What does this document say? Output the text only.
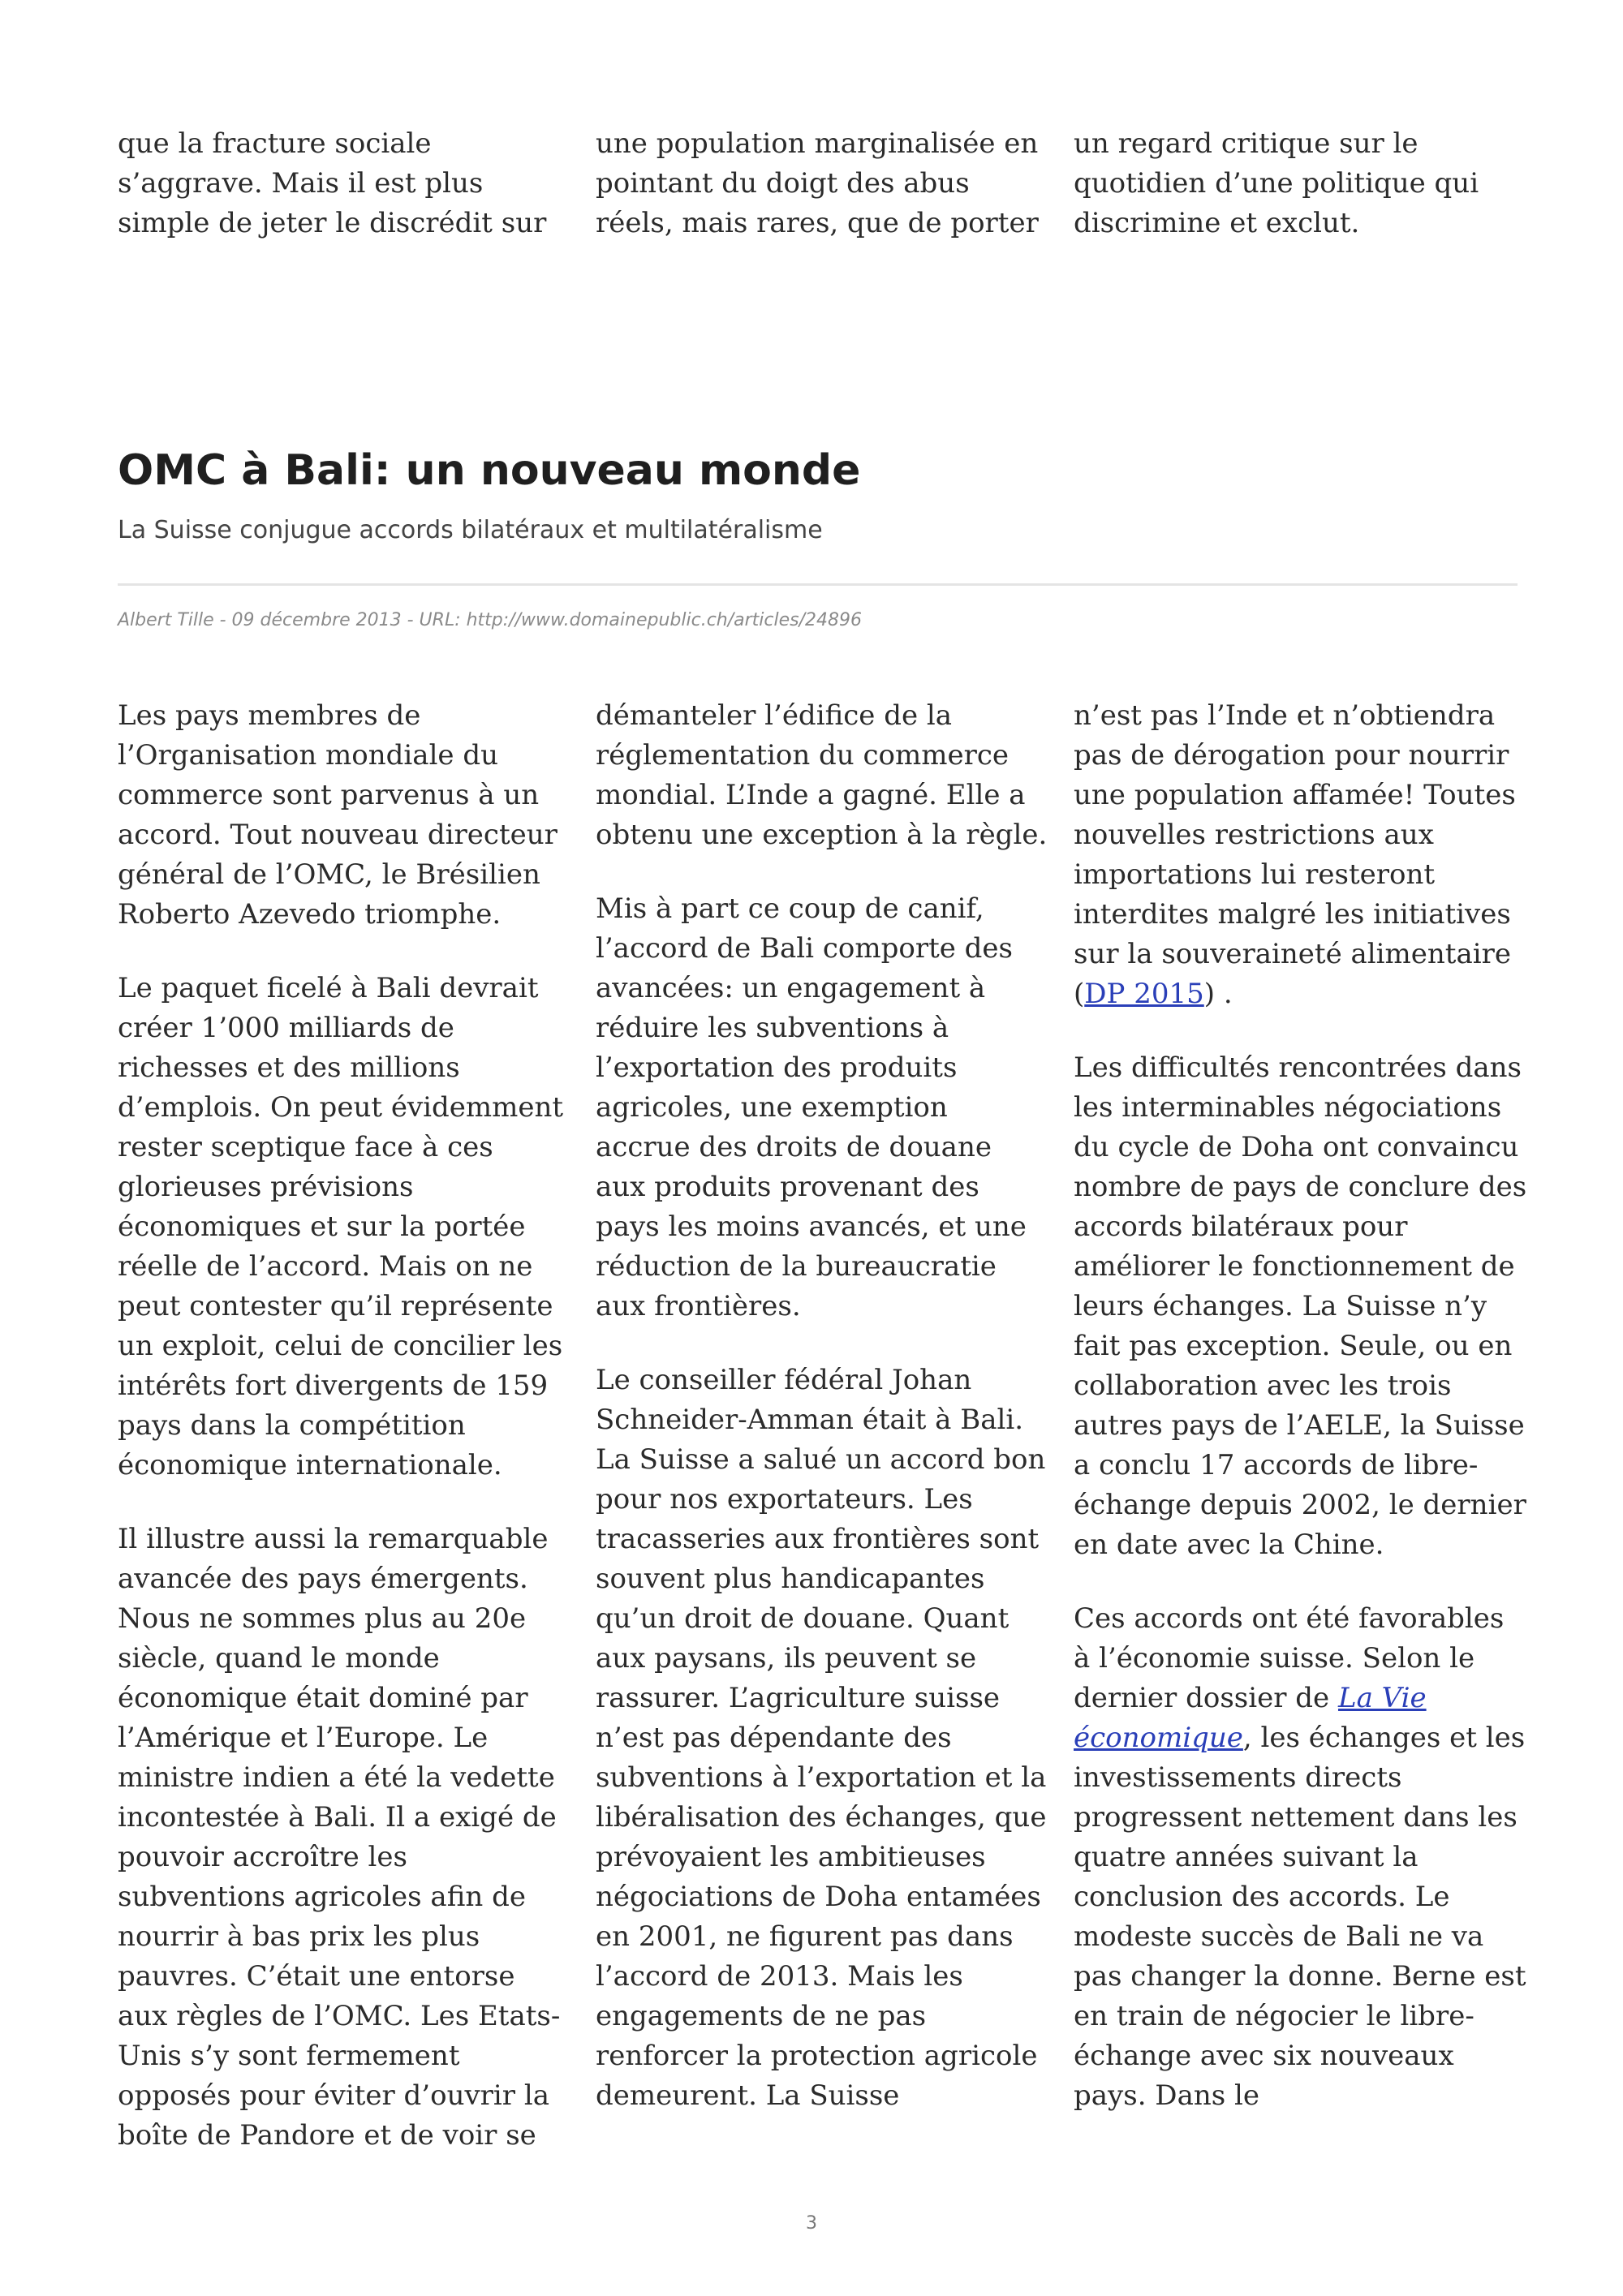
que la fracture sociale s’aggrave. Mais il est plus simple de jeter le discrédit sur

une population marginalisée en pointant du doigt des abus réels, mais rares, que de porter

un regard critique sur le quotidien d’une politique qui discrimine et exclut.

OMC à Bali: un nouveau monde

La Suisse conjugue accords bilatéraux et multilatéralisme

Albert Tille - 09 décembre 2013 - URL: http://www.domainepublic.ch/articles/24896

Les pays membres de l’Organisation mondiale du commerce sont parvenus à un accord. Tout nouveau directeur général de l’OMC, le Brésilien Roberto Azevedo triomphe.

Le paquet ficelé à Bali devrait créer 1’000 milliards de richesses et des millions d’emplois. On peut évidemment rester sceptique face à ces glorieuses prévisions économiques et sur la portée réelle de l’accord. Mais on ne peut contester qu’il représente un exploit, celui de concilier les intérêts fort divergents de 159 pays dans la compétition économique internationale.

Il illustre aussi la remarquable avancée des pays émergents. Nous ne sommes plus au 20e siècle, quand le monde économique était dominé par l’Amérique et l’Europe. Le ministre indien a été la vedette incontestée à Bali. Il a exigé de pouvoir accroître les subventions agricoles afin de nourrir à bas prix les plus pauvres. C’était une entorse aux règles de l’OMC. Les Etats-Unis s’y sont fermement opposés pour éviter d’ouvrir la boîte de Pandore et de voir se

démanteler l’édifice de la réglementation du commerce mondial. L’Inde a gagné. Elle a obtenu une exception à la règle.

Mis à part ce coup de canif, l’accord de Bali comporte des avancées: un engagement à réduire les subventions à l’exportation des produits agricoles, une exemption accrue des droits de douane aux produits provenant des pays les moins avancés, et une réduction de la bureaucratie aux frontières.

Le conseiller fédéral Johan Schneider-Amman était à Bali. La Suisse a salué un accord bon pour nos exportateurs. Les tracasseries aux frontières sont souvent plus handicapantes qu’un droit de douane. Quant aux paysans, ils peuvent se rassurer. L’agriculture suisse n’est pas dépendante des subventions à l’exportation et la libéralisation des échanges, que prévoyaient les ambitieuses négociations de Doha entamées en 2001, ne figurent pas dans l’accord de 2013. Mais les engagements de ne pas renforcer la protection agricole demeurent. La Suisse

n’est pas l’Inde et n’obtiendra pas de dérogation pour nourrir une population affamée! Toutes nouvelles restrictions aux importations lui resteront interdites malgré les initiatives sur la souveraineté alimentaire (DP 2015) .

Les difficultés rencontrées dans les interminables négociations du cycle de Doha ont convaincu nombre de pays de conclure des accords bilatéraux pour améliorer le fonctionnement de leurs échanges. La Suisse n’y fait pas exception. Seule, ou en collaboration avec les trois autres pays de l’AELE, la Suisse a conclu 17 accords de libre-échange depuis 2002, le dernier en date avec la Chine.

Ces accords ont été favorables à l’économie suisse. Selon le dernier dossier de La Vie économique, les échanges et les investissements directs progressent nettement dans les quatre années suivant la conclusion des accords. Le modeste succès de Bali ne va pas changer la donne. Berne est en train de négocier le libre-échange avec six nouveaux pays. Dans le

3
